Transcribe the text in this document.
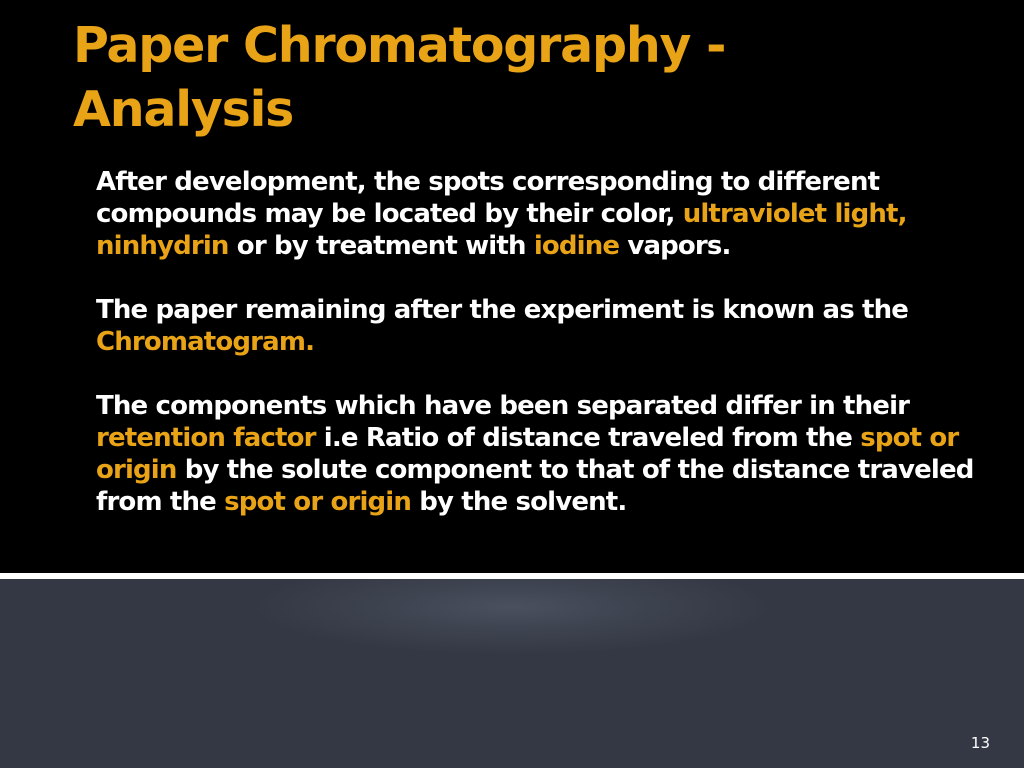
Paper Chromatography -
Analysis

After development, the spots corresponding to different compounds may be located by their color, ultraviolet light, ninhydrin or by treatment with iodine vapors.

The paper remaining after the experiment is known as the Chromatogram.

The components which have been separated differ in their retention factor i.e Ratio of distance traveled from the spot or origin by the solute component to that of the distance traveled from the spot or origin by the solvent.

13
